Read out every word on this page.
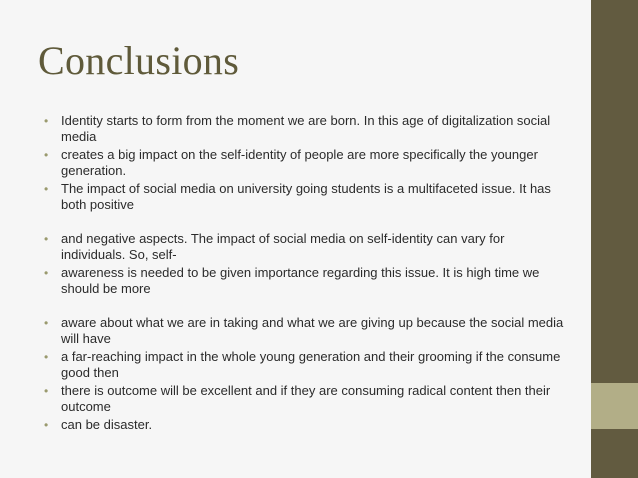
Conclusions
• Identity starts to form from the moment we are born. In this age of digitalization social media
• creates a big impact on the self-identity of people are more specifically the younger generation.
• The impact of social media on university going students is a multifaceted issue. It has both positive
• and negative aspects. The impact of social media on self-identity can vary for individuals. So, self-
• awareness is needed to be given importance regarding this issue. It is high time we should be more
• aware about what we are in taking and what we are giving up because the social media will have
• a far-reaching impact in the whole young generation and their grooming if the consume good then
• there is outcome will be excellent and if they are consuming radical content then their outcome
• can be disaster.
